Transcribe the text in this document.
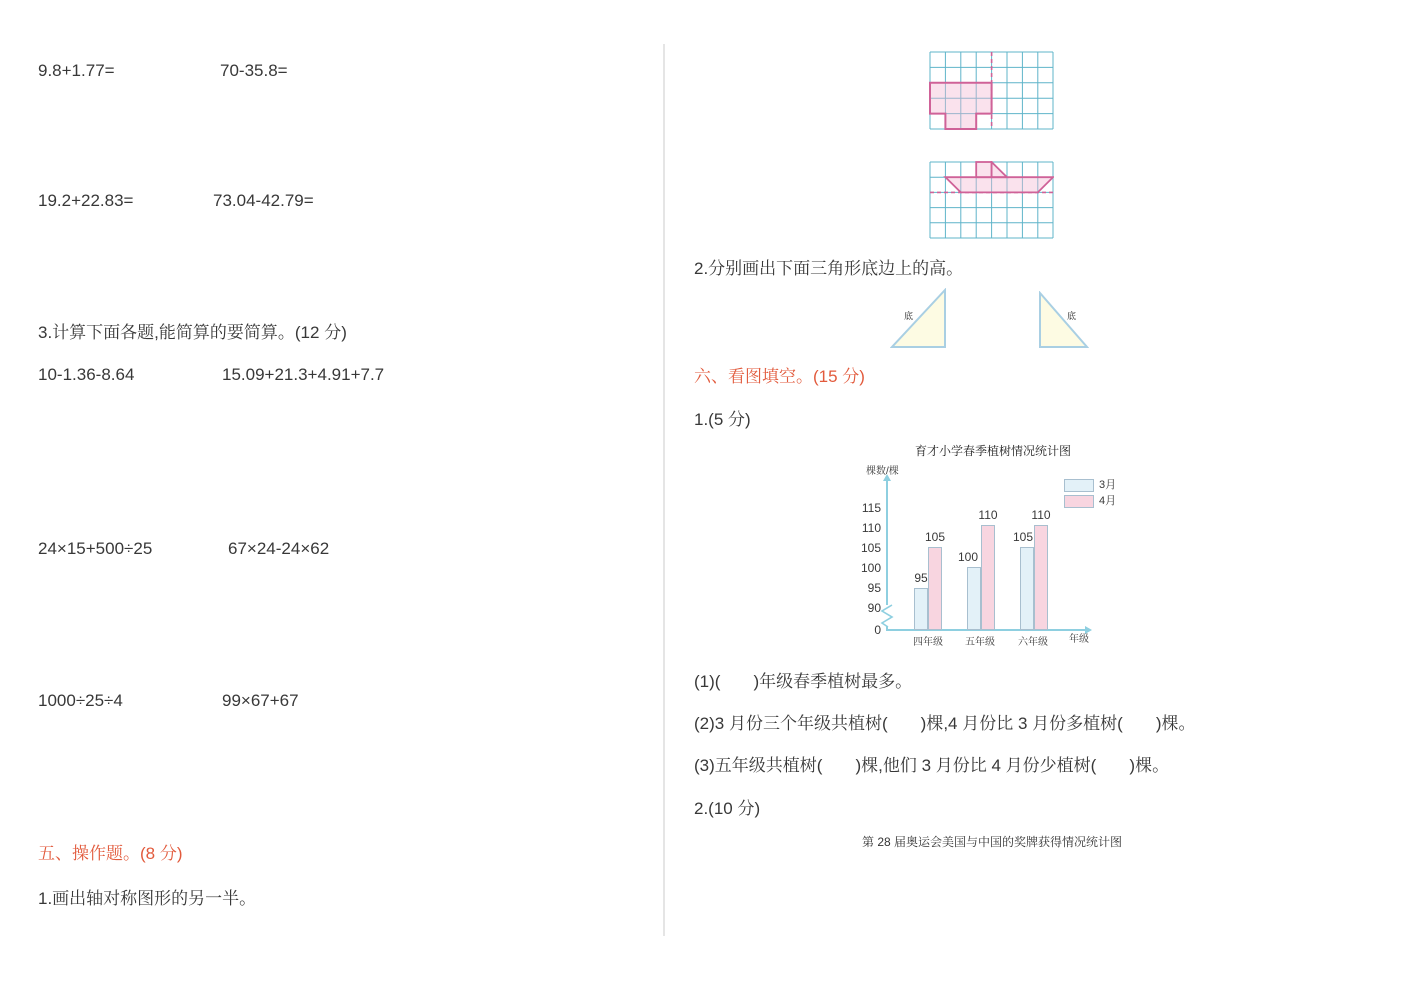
9.8+1.77=	70-35.8=
19.2+22.83=	73.04-42.79=
3.计算下面各题,能简算的要简算。(12 分)
10-1.36-8.64	15.09+21.3+4.91+7.7
24×15+500÷25	67×24-24×62
1000÷25÷4	99×67+67
五、操作题。(8 分)
1.画出轴对称图形的另一半。
2.分别画出下面三角形底边上的高。
底	底
六、看图填空。(15 分)
1.(5 分)
育才小学春季植树情况统计图
棵数/棵
115
110
105
100
95
90
0
95
105
100
110
105
110
四年级	五年级	六年级	年级
3月
4月
(1)(       )年级春季植树最多。
(2)3 月份三个年级共植树(       )棵,4 月份比 3 月份多植树(       )棵。
(3)五年级共植树(       )棵,他们 3 月份比 4 月份少植树(       )棵。
2.(10 分)
第 28 届奥运会美国与中国的奖牌获得情况统计图
